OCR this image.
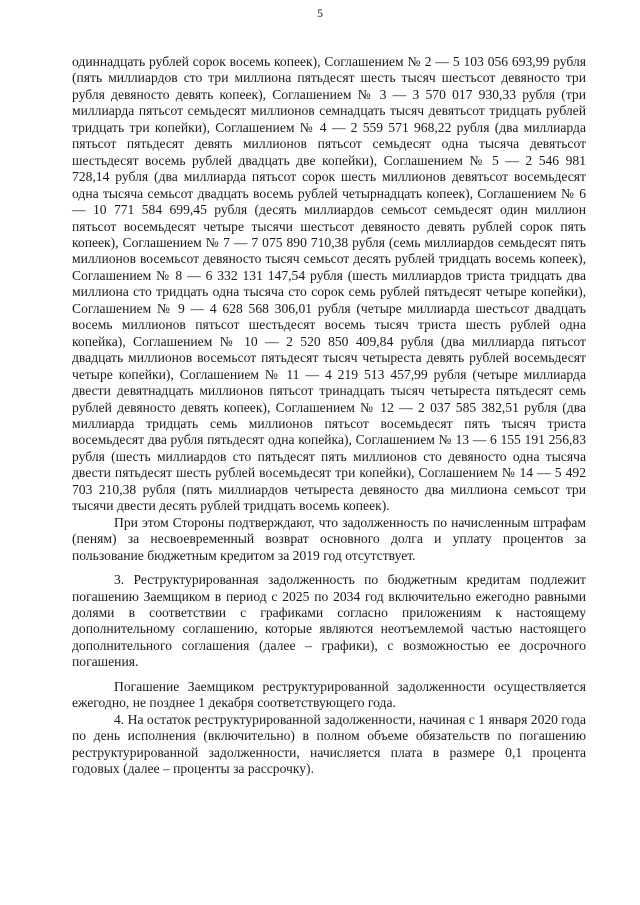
5

одиннадцать рублей сорок восемь копеек), Соглашением № 2 — 5 103 056 693,99 рубля (пять миллиардов сто три миллиона пятьдесят шесть тысяч шестьсот девяносто три рубля девяносто девять копеек), Соглашением № 3 — 3 570 017 930,33 рубля (три миллиарда пятьсот семьдесят миллионов семнадцать тысяч девятьсот тридцать рублей тридцать три копейки), Соглашением № 4 — 2 559 571 968,22 рубля (два миллиарда пятьсот пятьдесят девять миллионов пятьсот семьдесят одна тысяча девятьсот шестьдесят восемь рублей двадцать две копейки), Соглашением № 5 — 2 546 981 728,14 рубля (два миллиарда пятьсот сорок шесть миллионов девятьсот восемьдесят одна тысяча семьсот двадцать восемь рублей четырнадцать копеек), Соглашением № 6 — 10 771 584 699,45 рубля (десять миллиардов семьсот семьдесят один миллион пятьсот восемьдесят четыре тысячи шестьсот девяносто девять рублей сорок пять копеек), Соглашением № 7 — 7 075 890 710,38 рубля (семь миллиардов семьдесят пять миллионов восемьсот девяносто тысяч семьсот десять рублей тридцать восемь копеек), Соглашением № 8 — 6 332 131 147,54 рубля (шесть миллиардов триста тридцать два миллиона сто тридцать одна тысяча сто сорок семь рублей пятьдесят четыре копейки), Соглашением № 9 — 4 628 568 306,01 рубля (четыре миллиарда шестьсот двадцать восемь миллионов пятьсот шестьдесят восемь тысяч триста шесть рублей одна копейка), Соглашением № 10 — 2 520 850 409,84 рубля (два миллиарда пятьсот двадцать миллионов восемьсот пятьдесят тысяч четыреста девять рублей восемьдесят четыре копейки), Соглашением № 11 — 4 219 513 457,99 рубля (четыре миллиарда двести девятнадцать миллионов пятьсот тринадцать тысяч четыреста пятьдесят семь рублей девяносто девять копеек), Соглашением № 12 — 2 037 585 382,51 рубля (два миллиарда тридцать семь миллионов пятьсот восемьдесят пять тысяч триста восемьдесят два рубля пятьдесят одна копейка), Соглашением № 13 — 6 155 191 256,83 рубля (шесть миллиардов сто пятьдесят пять миллионов сто девяносто одна тысяча двести пятьдесят шесть рублей восемьдесят три копейки), Соглашением № 14 — 5 492 703 210,38 рубля (пять миллиардов четыреста девяносто два миллиона семьсот три тысячи двести десять рублей тридцать восемь копеек).

При этом Стороны подтверждают, что задолженность по начисленным штрафам (пеням) за несвоевременный возврат основного долга и уплату процентов за пользование бюджетным кредитом за 2019 год отсутствует.

3. Реструктурированная задолженность по бюджетным кредитам подлежит погашению Заемщиком в период с 2025 по 2034 год включительно ежегодно равными долями в соответствии с графиками согласно приложениям к настоящему дополнительному соглашению, которые являются неотъемлемой частью настоящего дополнительного соглашения (далее – графики), с возможностью ее досрочного погашения.

Погашение Заемщиком реструктурированной задолженности осуществляется ежегодно, не позднее 1 декабря соответствующего года.

4. На остаток реструктурированной задолженности, начиная с 1 января 2020 года по день исполнения (включительно) в полном объеме обязательств по погашению реструктурированной задолженности, начисляется плата в размере 0,1 процента годовых (далее – проценты за рассрочку).
